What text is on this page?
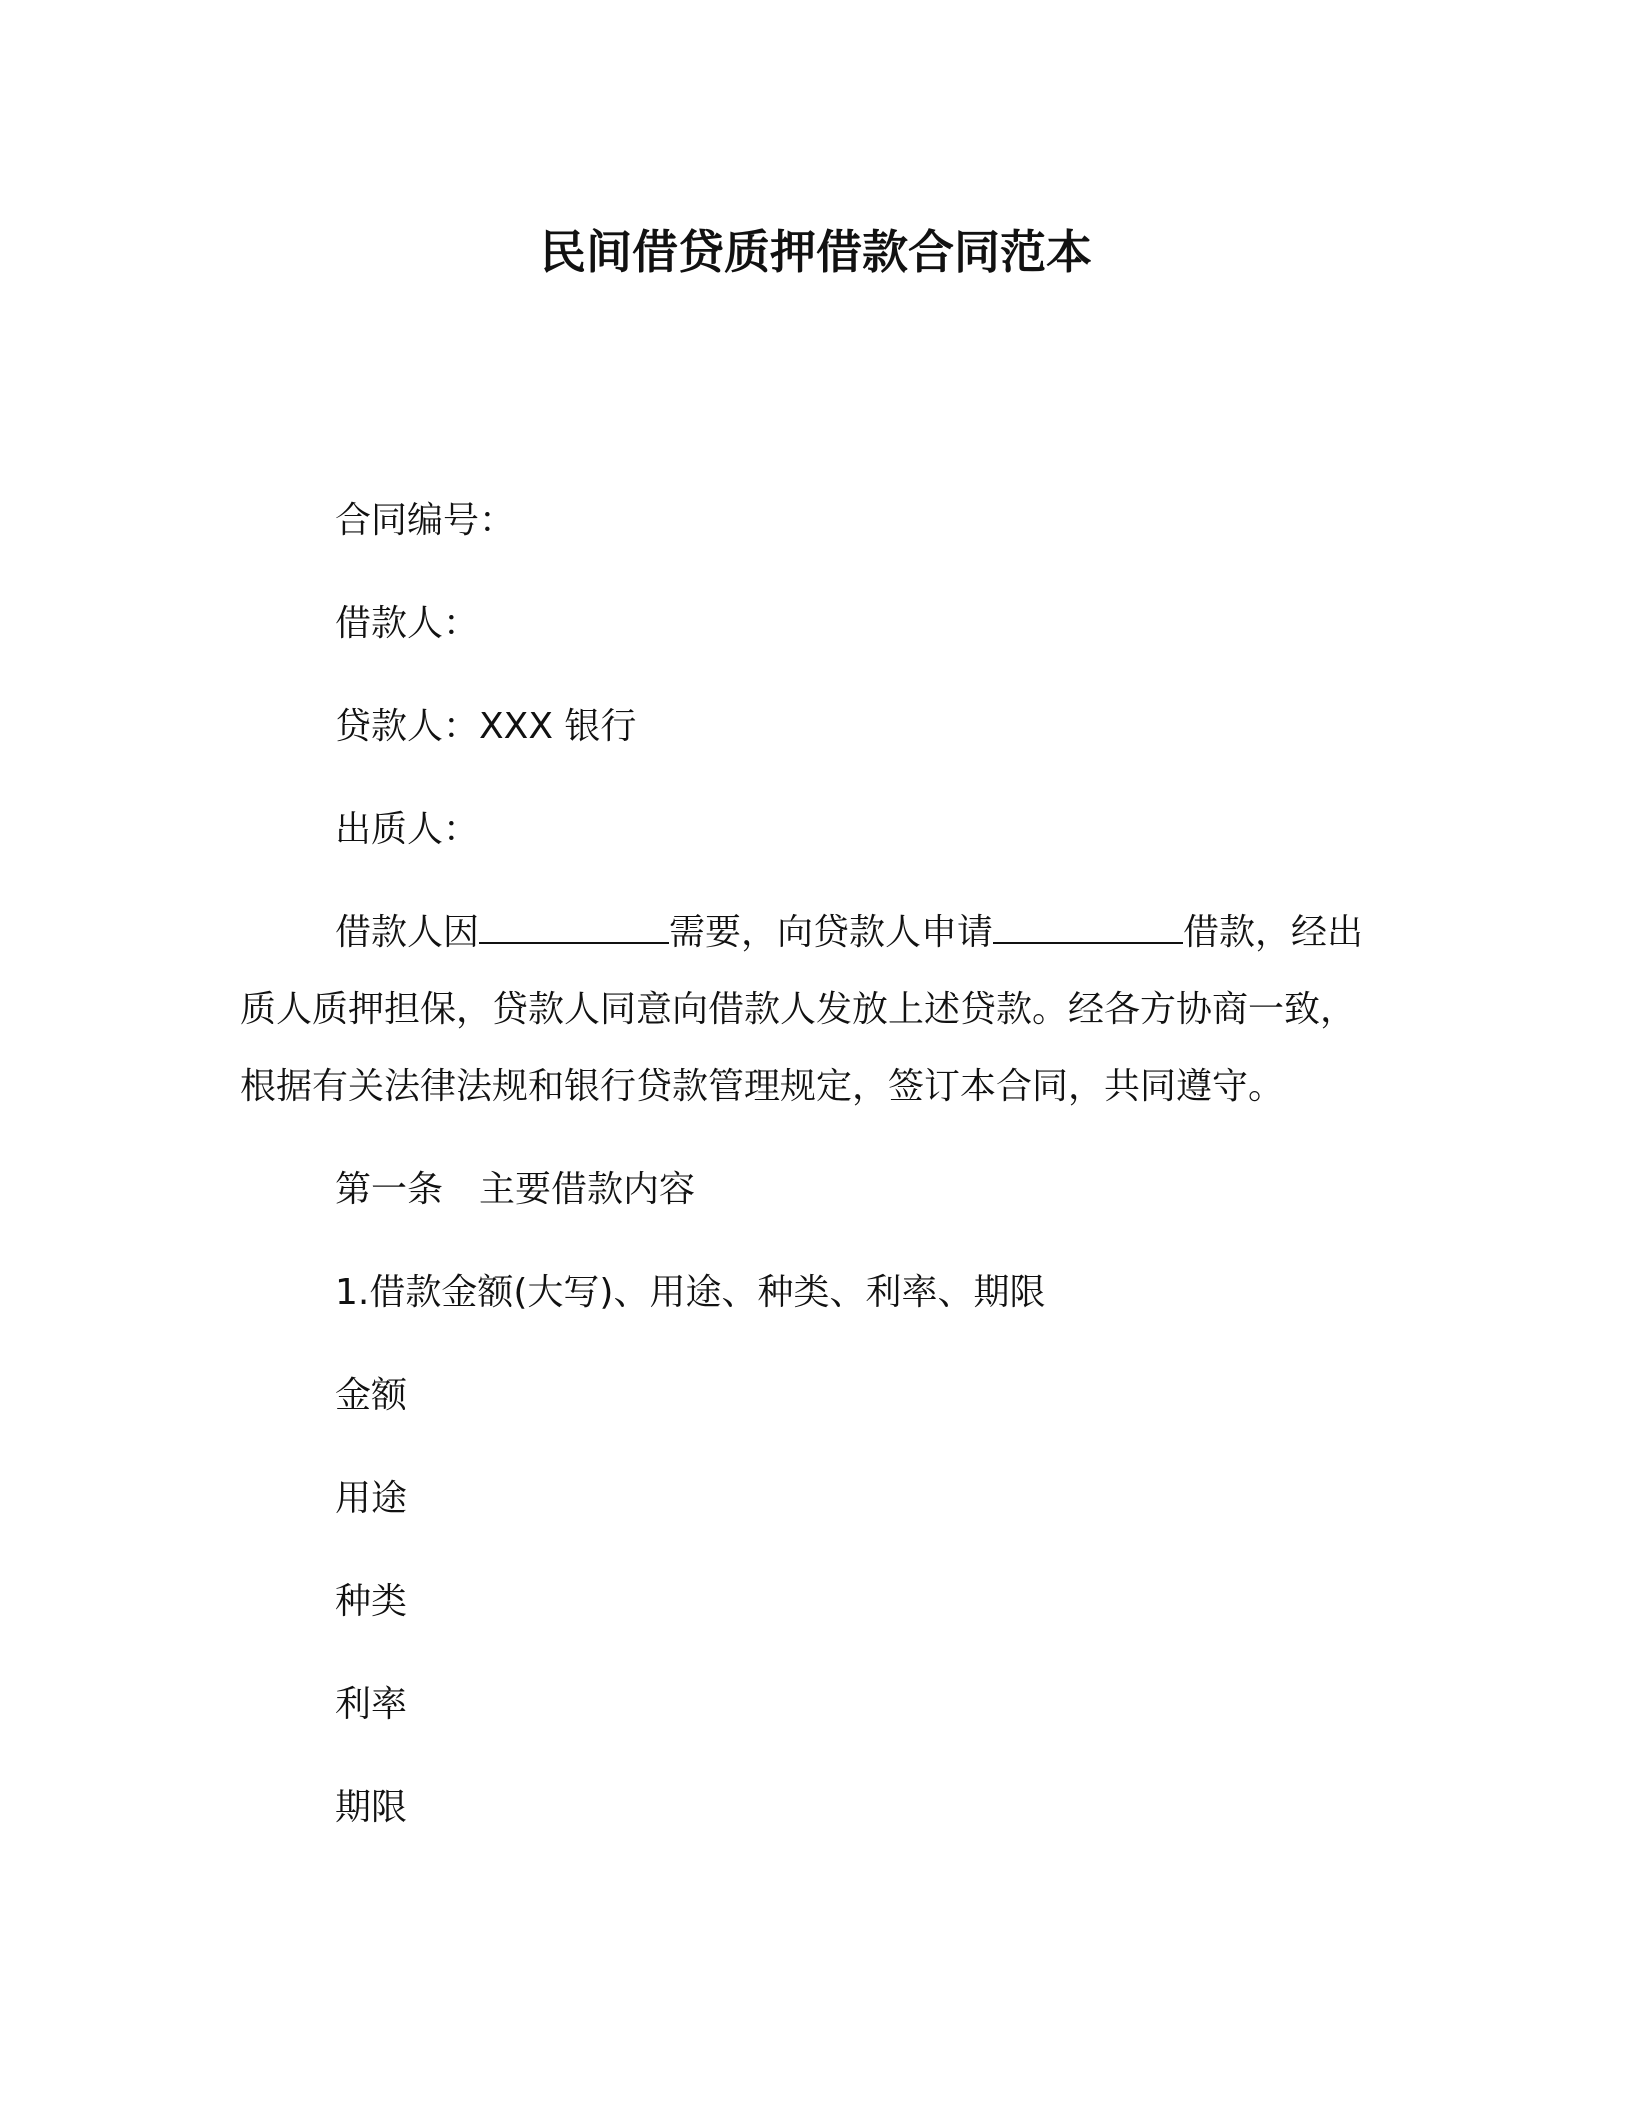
民间借贷质押借款合同范本
合同编号：
借款人：
贷款人：XXX 银行
出质人：
借款人因	需要，向贷款人申请	借款，经出
质人质押担保，贷款人同意向借款人发放上述贷款。经各方协商一致，
根据有关法律法规和银行贷款管理规定，签订本合同，共同遵守。
第一条 主要借款内容
1.借款金额(大写)、用途、种类、利率、期限
金额
用途
种类
利率
期限
